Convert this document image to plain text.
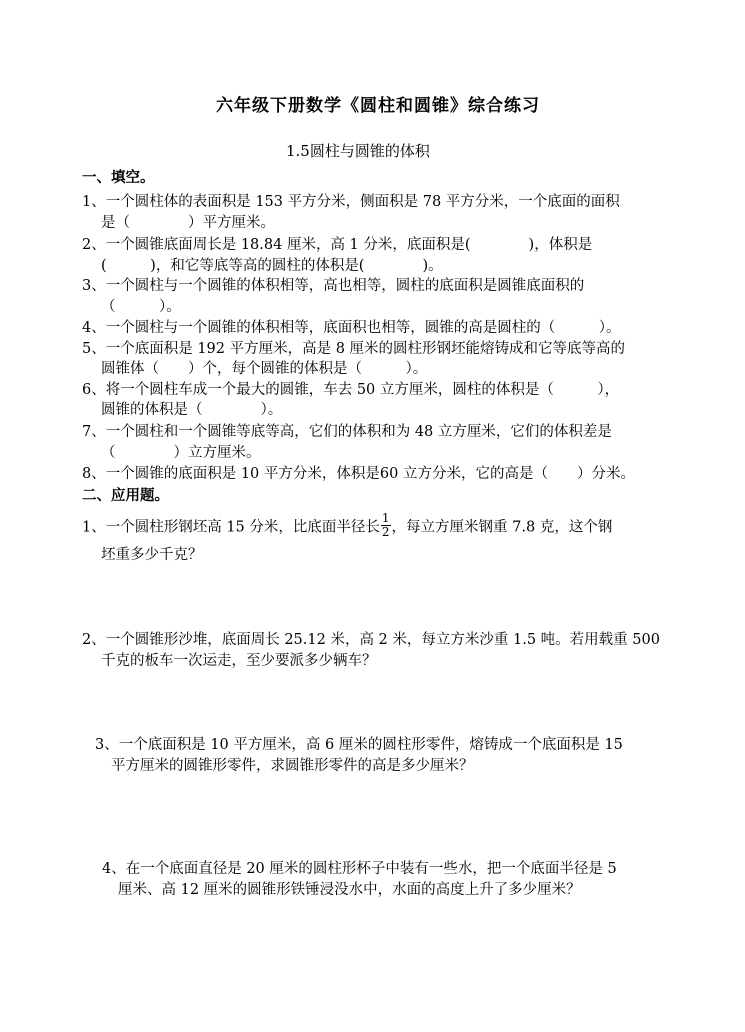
六年级下册数学《圆柱和圆锥》综合练习
1.5圆柱与圆锥的体积
一、填空。
1、一个圆柱体的表面积是 153 平方分米，侧面积是 78 平方分米，一个底面的面积
是（　　　　）平方厘米。
2、一个圆锥底面周长是 18.84 厘米，高 1 分米，底面积是(　　　　)，体积是
(　　　)，和它等底等高的圆柱的体积是(　　　　)。
3、一个圆柱与一个圆锥的体积相等，高也相等，圆柱的底面积是圆锥底面积的
（　　　）。
4、一个圆柱与一个圆锥的体积相等，底面积也相等，圆锥的高是圆柱的（　　　）。
5、一个底面积是 192 平方厘米，高是 8 厘米的圆柱形钢坯能熔铸成和它等底等高的
圆锥体（　　）个，每个圆锥的体积是（　　　）。
6、将一个圆柱车成一个最大的圆锥，车去 50 立方厘米，圆柱的体积是（　　　），
圆锥的体积是（　　　　）。
7、一个圆柱和一个圆锥等底等高，它们的体积和为 48 立方厘米，它们的体积差是
（　　　　）立方厘米。
8、一个圆锥的底面积是 10 平方分米，体积是60 立方分米，它的高是（　　）分米。
二、应用题。
1、一个圆柱形钢坯高 15 分米，比底面半径长 $\frac{1}{2}$ ，每立方厘米钢重 7.8 克，这个钢
坯重多少千克？
2、一个圆锥形沙堆，底面周长 25.12 米，高 2 米，每立方米沙重 1.5 吨。若用载重 500
千克的板车一次运走，至少要派多少辆车？
3、一个底面积是 10 平方厘米，高 6 厘米的圆柱形零件，熔铸成一个底面积是 15
平方厘米的圆锥形零件，求圆锥形零件的高是多少厘米？
4、在一个底面直径是 20 厘米的圆柱形杯子中装有一些水，把一个底面半径是 5
厘米、高 12 厘米的圆锥形铁锤浸没水中，水面的高度上升了多少厘米？
